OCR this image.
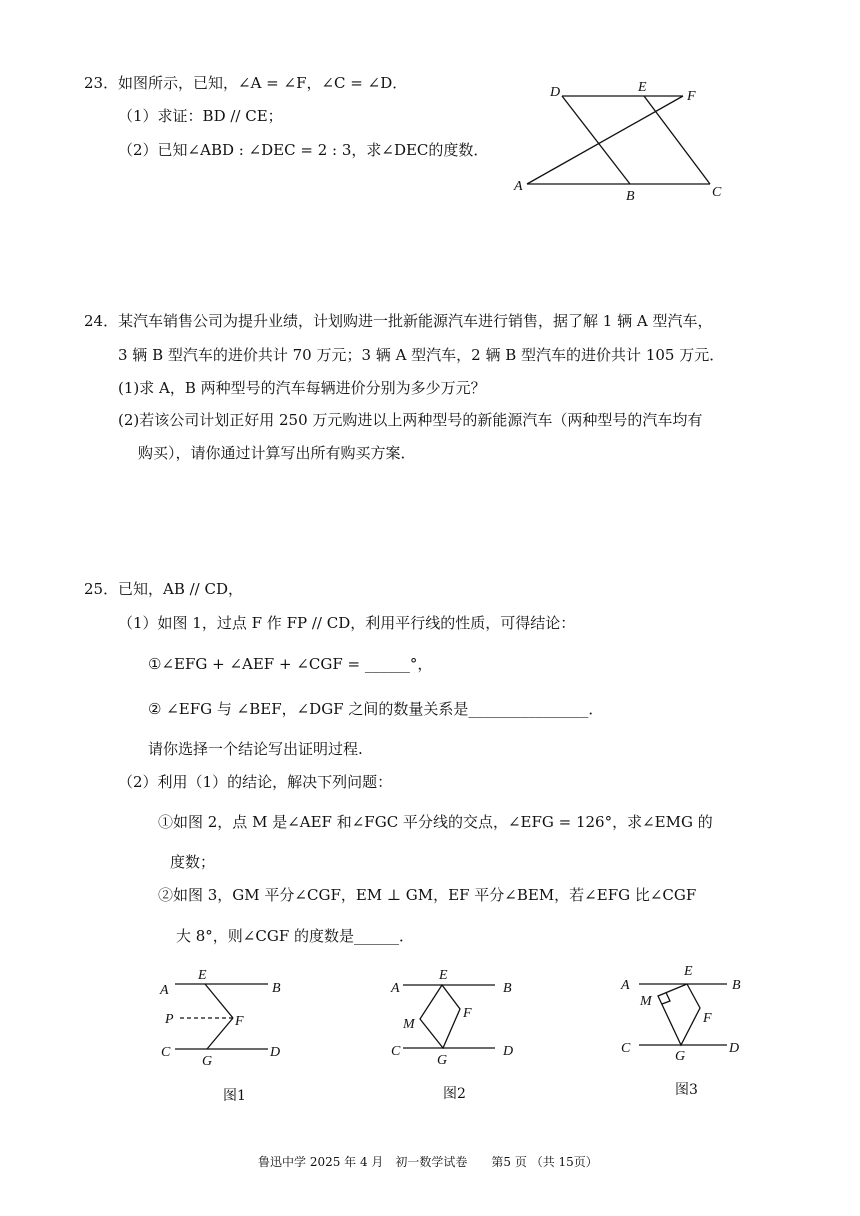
23． 如图所示，已知，∠A = ∠F，∠C = ∠D．
（1）求证：BD // CE；
（2）已知∠ABD : ∠DEC = 2 : 3，求∠DEC的度数．
D	E
F
A
B	C
24． 某汽车销售公司为提升业绩，计划购进一批新能源汽车进行销售，据了解 1 辆 A 型汽车，
3 辆 B 型汽车的进价共计 70 万元；3 辆 A 型汽车，2 辆 B 型汽车的进价共计 105 万元．
(1)求 A，B 两种型号的汽车每辆进价分别为多少万元？
(2)若该公司计划正好用 250 万元购进以上两种型号的新能源汽车（两种型号的汽车均有
购买），请你通过计算写出所有购买方案．
25． 已知，AB // CD，
（1）如图 1，过点 F 作 FP // CD，利用平行线的性质，可得结论：
①∠EFG + ∠AEF + ∠CGF = ______°，
② ∠EFG 与 ∠BEF，∠DGF 之间的数量关系是________________．
请你选择一个结论写出证明过程.
（2）利用（1）的结论，解决下列问题：
①如图 2，点 M 是∠AEF 和∠FGC 平分线的交点，∠EFG = 126°，求∠EMG 的
度数；
②如图 3，GM 平分∠CGF，EM ⊥ GM，EF 平分∠BEM，若∠EFG 比∠CGF
大 8°，则∠CGF 的度数是______．
A
E
B
P	F
C
G
D
图1
A
E
B
M
F
C
G
D
图2
A
E
B
M
F
C
G
D
图3
鲁迅中学 2025 年 4 月　初一数学试卷　　第5 页 （共 15页）
